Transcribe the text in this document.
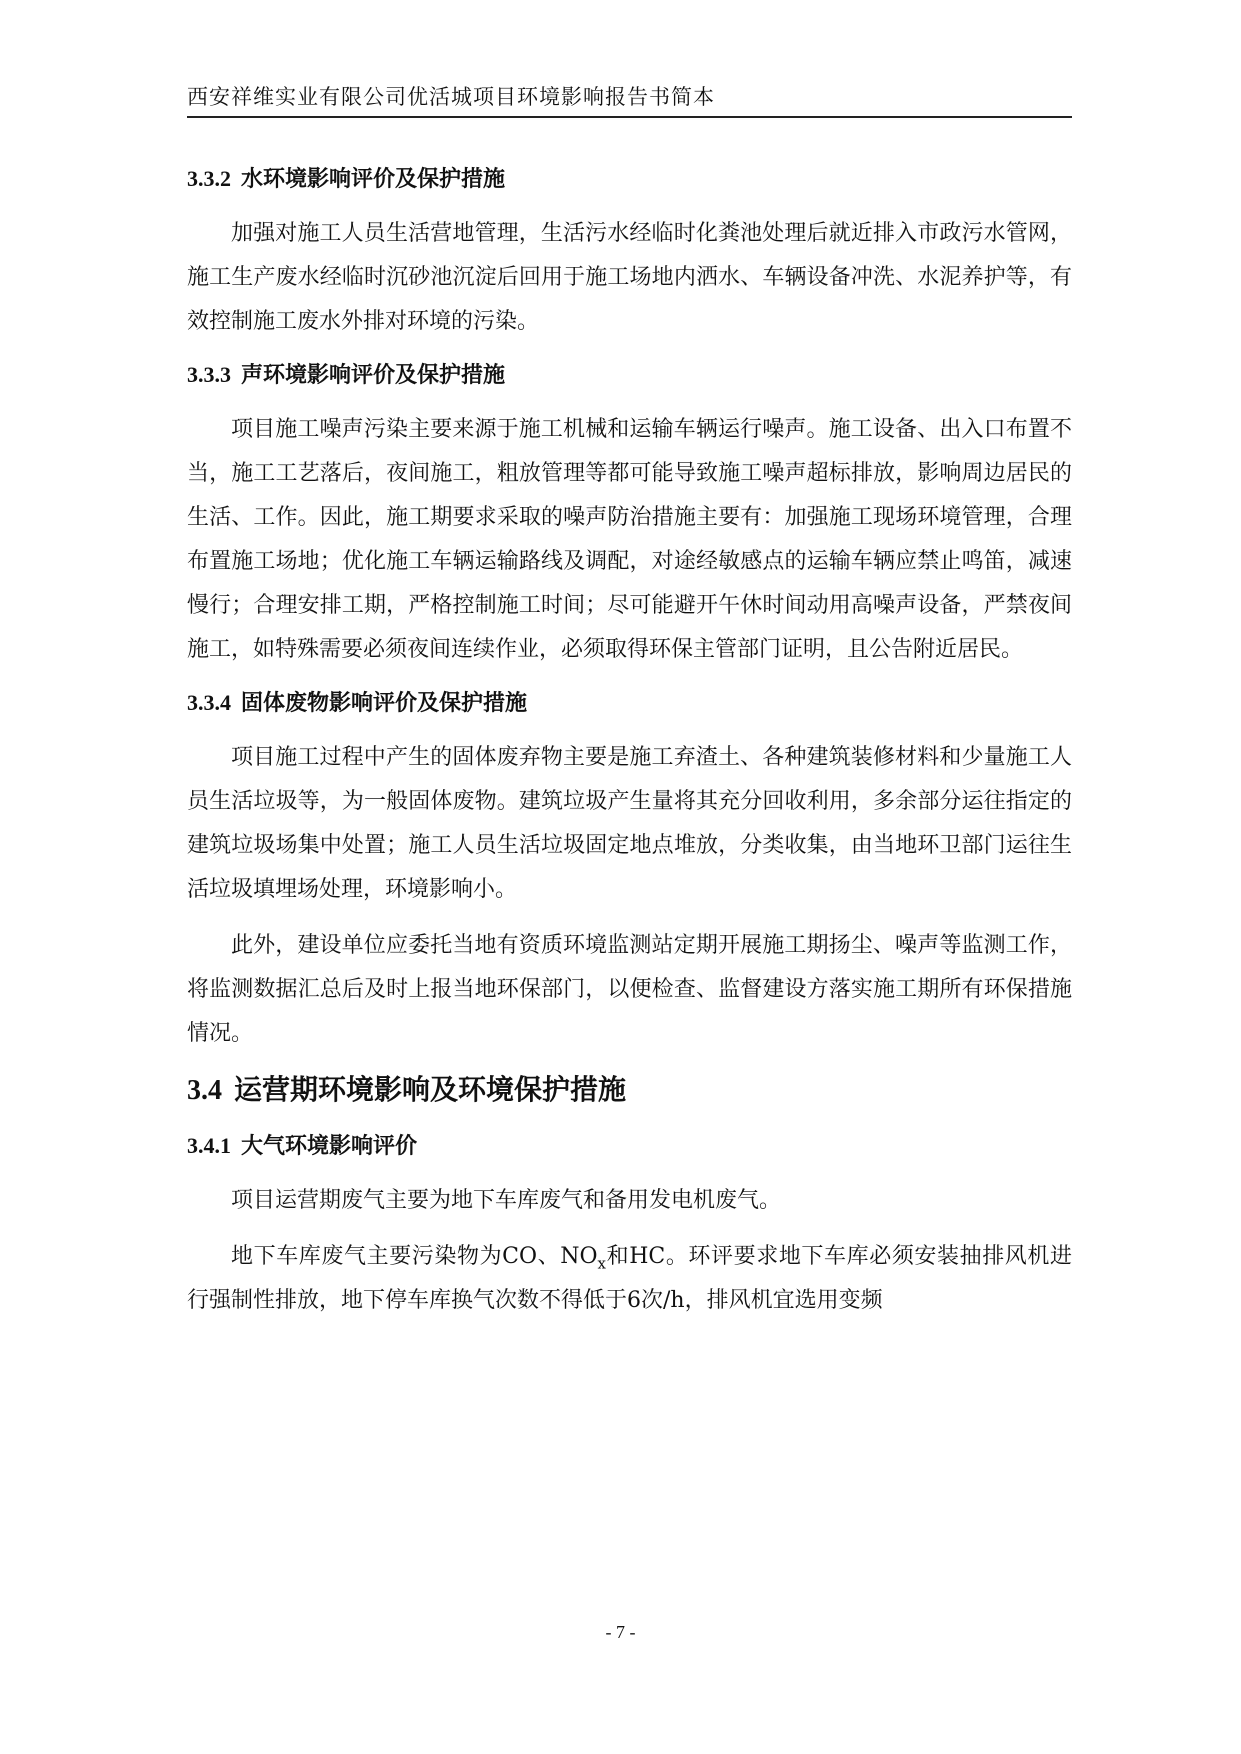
西安祥维实业有限公司优活城项目环境影响报告书简本
3.3.2 水环境影响评价及保护措施

加强对施工人员生活营地管理，生活污水经临时化粪池处理后就近排入市政污水管网，施工生产废水经临时沉砂池沉淀后回用于施工场地内洒水、车辆设备冲洗、水泥养护等，有效控制施工废水外排对环境的污染。

3.3.3 声环境影响评价及保护措施

项目施工噪声污染主要来源于施工机械和运输车辆运行噪声。施工设备、出入口布置不当，施工工艺落后，夜间施工，粗放管理等都可能导致施工噪声超标排放，影响周边居民的生活、工作。因此，施工期要求采取的噪声防治措施主要有：加强施工现场环境管理，合理布置施工场地；优化施工车辆运输路线及调配，对途经敏感点的运输车辆应禁止鸣笛，减速慢行；合理安排工期，严格控制施工时间；尽可能避开午休时间动用高噪声设备，严禁夜间施工，如特殊需要必须夜间连续作业，必须取得环保主管部门证明，且公告附近居民。

3.3.4 固体废物影响评价及保护措施

项目施工过程中产生的固体废弃物主要是施工弃渣土、各种建筑装修材料和少量施工人员生活垃圾等，为一般固体废物。建筑垃圾产生量将其充分回收利用，多余部分运往指定的建筑垃圾场集中处置；施工人员生活垃圾固定地点堆放，分类收集，由当地环卫部门运往生活垃圾填埋场处理，环境影响小。

此外，建设单位应委托当地有资质环境监测站定期开展施工期扬尘、噪声等监测工作，将监测数据汇总后及时上报当地环保部门，以便检查、监督建设方落实施工期所有环保措施情况。

3.4 运营期环境影响及环境保护措施
3.4.1 大气环境影响评价

项目运营期废气主要为地下车库废气和备用发电机废气。

地下车库废气主要污染物为CO、$NO_x$和HC。环评要求地下车库必须安装抽排风机进行强制性排放，地下停车库换气次数不得低于6次/h，排风机宜选用变频

- 7 -
